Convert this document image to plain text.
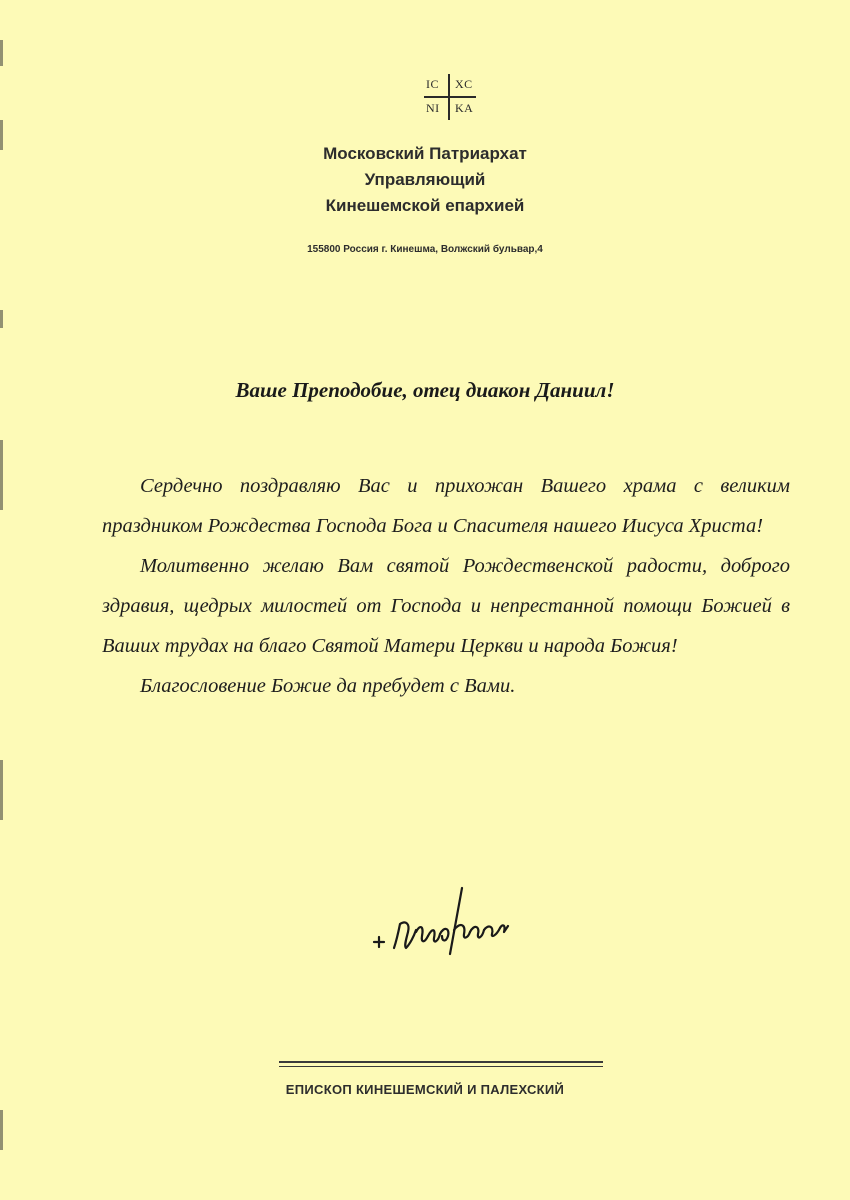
IC XC
NI KA
Московский Патриархат
Управляющий
Кинешемской епархией
155800 Россия г. Кинешма, Волжский бульвар,4
Ваше Преподобие, отец диакон Даниил!

Сердечно поздравляю Вас и прихожан Вашего храма с великим праздником Рождества Господа Бога и Спасителя нашего Иисуса Христа!

Молитвенно желаю Вам святой Рождественской радости, доброго здравия, щедрых милостей от Господа и непрестанной помощи Божией в Ваших трудах на благо Святой Матери Церкви и народа Божия!

Благословение Божие да пребудет с Вами.

ЕПИСКОП КИНЕШЕМСКИЙ И ПАЛЕХСКИЙ
